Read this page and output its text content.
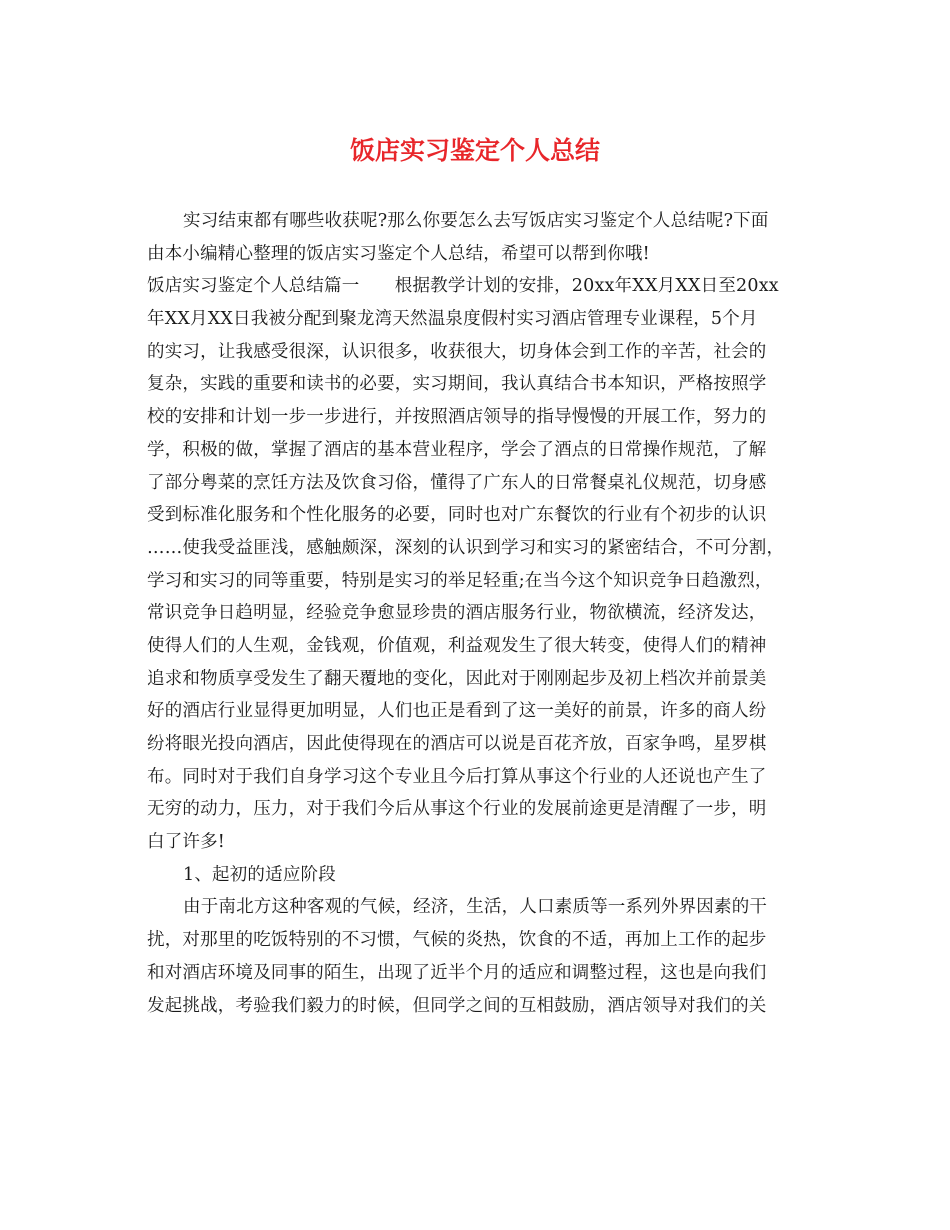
饭店实习鉴定个人总结
实习结束都有哪些收获呢?那么你要怎么去写饭店实习鉴定个人总结呢?下面
由本小编精心整理的饭店实习鉴定个人总结，希望可以帮到你哦!
饭店实习鉴定个人总结篇一　　根据教学计划的安排，20xx年XX月XX日至20xx
年XX月XX日我被分配到聚龙湾天然温泉度假村实习酒店管理专业课程，5个月
的实习，让我感受很深，认识很多，收获很大，切身体会到工作的辛苦，社会的
复杂，实践的重要和读书的必要，实习期间，我认真结合书本知识，严格按照学
校的安排和计划一步一步进行，并按照酒店领导的指导慢慢的开展工作，努力的
学，积极的做，掌握了酒店的基本营业程序，学会了酒点的日常操作规范，了解
了部分粤菜的烹饪方法及饮食习俗，懂得了广东人的日常餐桌礼仪规范，切身感
受到标准化服务和个性化服务的必要，同时也对广东餐饮的行业有个初步的认识
……使我受益匪浅，感触颇深，深刻的认识到学习和实习的紧密结合，不可分割，
学习和实习的同等重要，特别是实习的举足轻重;在当今这个知识竞争日趋激烈，
常识竞争日趋明显，经验竞争愈显珍贵的酒店服务行业，物欲横流，经济发达，
使得人们的人生观，金钱观，价值观，利益观发生了很大转变，使得人们的精神
追求和物质享受发生了翻天覆地的变化，因此对于刚刚起步及初上档次并前景美
好的酒店行业显得更加明显，人们也正是看到了这一美好的前景，许多的商人纷
纷将眼光投向酒店，因此使得现在的酒店可以说是百花齐放，百家争鸣，星罗棋
布。同时对于我们自身学习这个专业且今后打算从事这个行业的人还说也产生了
无穷的动力，压力，对于我们今后从事这个行业的发展前途更是清醒了一步，明
白了许多!
1、起初的适应阶段
由于南北方这种客观的气候，经济，生活，人口素质等一系列外界因素的干
扰，对那里的吃饭特别的不习惯，气候的炎热，饮食的不适，再加上工作的起步
和对酒店环境及同事的陌生，出现了近半个月的适应和调整过程，这也是向我们
发起挑战，考验我们毅力的时候，但同学之间的互相鼓励，酒店领导对我们的关
